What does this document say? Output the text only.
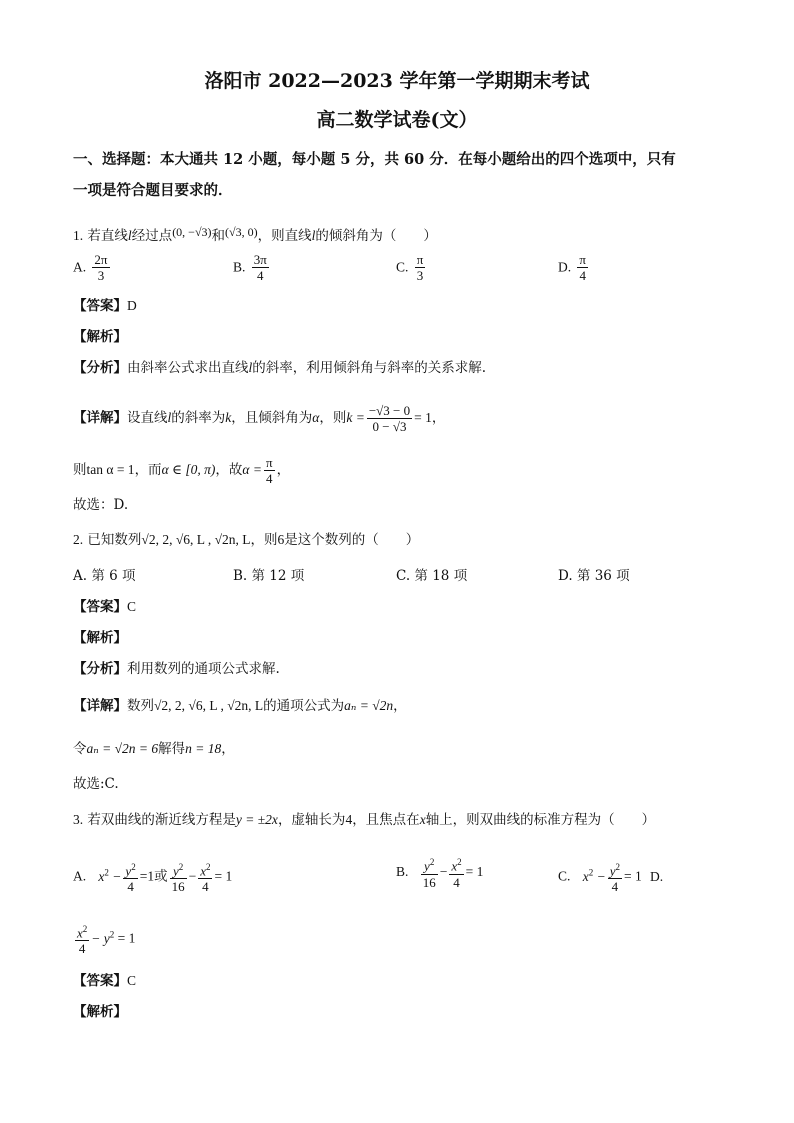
洛阳市 2022—2023 学年第一学期期末考试
高二数学试卷(文）
一、选择题：本大通共 12 小题，每小题 5 分，共 60 分．在每小题给出的四个选项中，只有
一项是符合题目要求的．
1. 若直线l经过点(0, −√3)和(√3, 0)，则直线l的倾斜角为（　　）
A. $\frac{2\pi}{3}$	B. $\frac{3\pi}{4}$	C. $\frac{\pi}{3}$	D. $\frac{\pi}{4}$
【答案】D
【解析】
【分析】由斜率公式求出直线l的斜率，利用倾斜角与斜率的关系求解.
【详解】设直线l的斜率为k，且倾斜角为α，则$k = \frac{-√3 - 0}{0 - √3} = 1$，
则tan α = 1，而α ∈ [0, π)，故$\alpha = \frac{\pi}{4}$ ，
故选：D.
2. 已知数列√2, 2, √6, L , √2n, L，则6是这个数列的（　　）
A. 第 6 项	B. 第 12 项	C. 第 18 项	D. 第 36 项
【答案】C
【解析】
【分析】利用数列的通项公式求解.
【详解】数列√2, 2, √6, L , √2n, L的通项公式为aₙ = √2n，
令aₙ = √2n = 6解得n = 18，
故选:C.
3. 若双曲线的渐近线方程是y = ±2x，虚轴长为4，且焦点在x轴上，则双曲线的标准方程为（　　）
A. $x^2 - \frac{y^2}{4} =1$或 $\frac{y^2}{16} - \frac{x^2}{4} = 1$	B. $\frac{y^2}{16} - \frac{x^2}{4} = 1$	C. $x^2 - \frac{y^2}{4} = 1$ D.
$\frac{x^2}{4} - y^2 = 1$
【答案】C
【解析】
